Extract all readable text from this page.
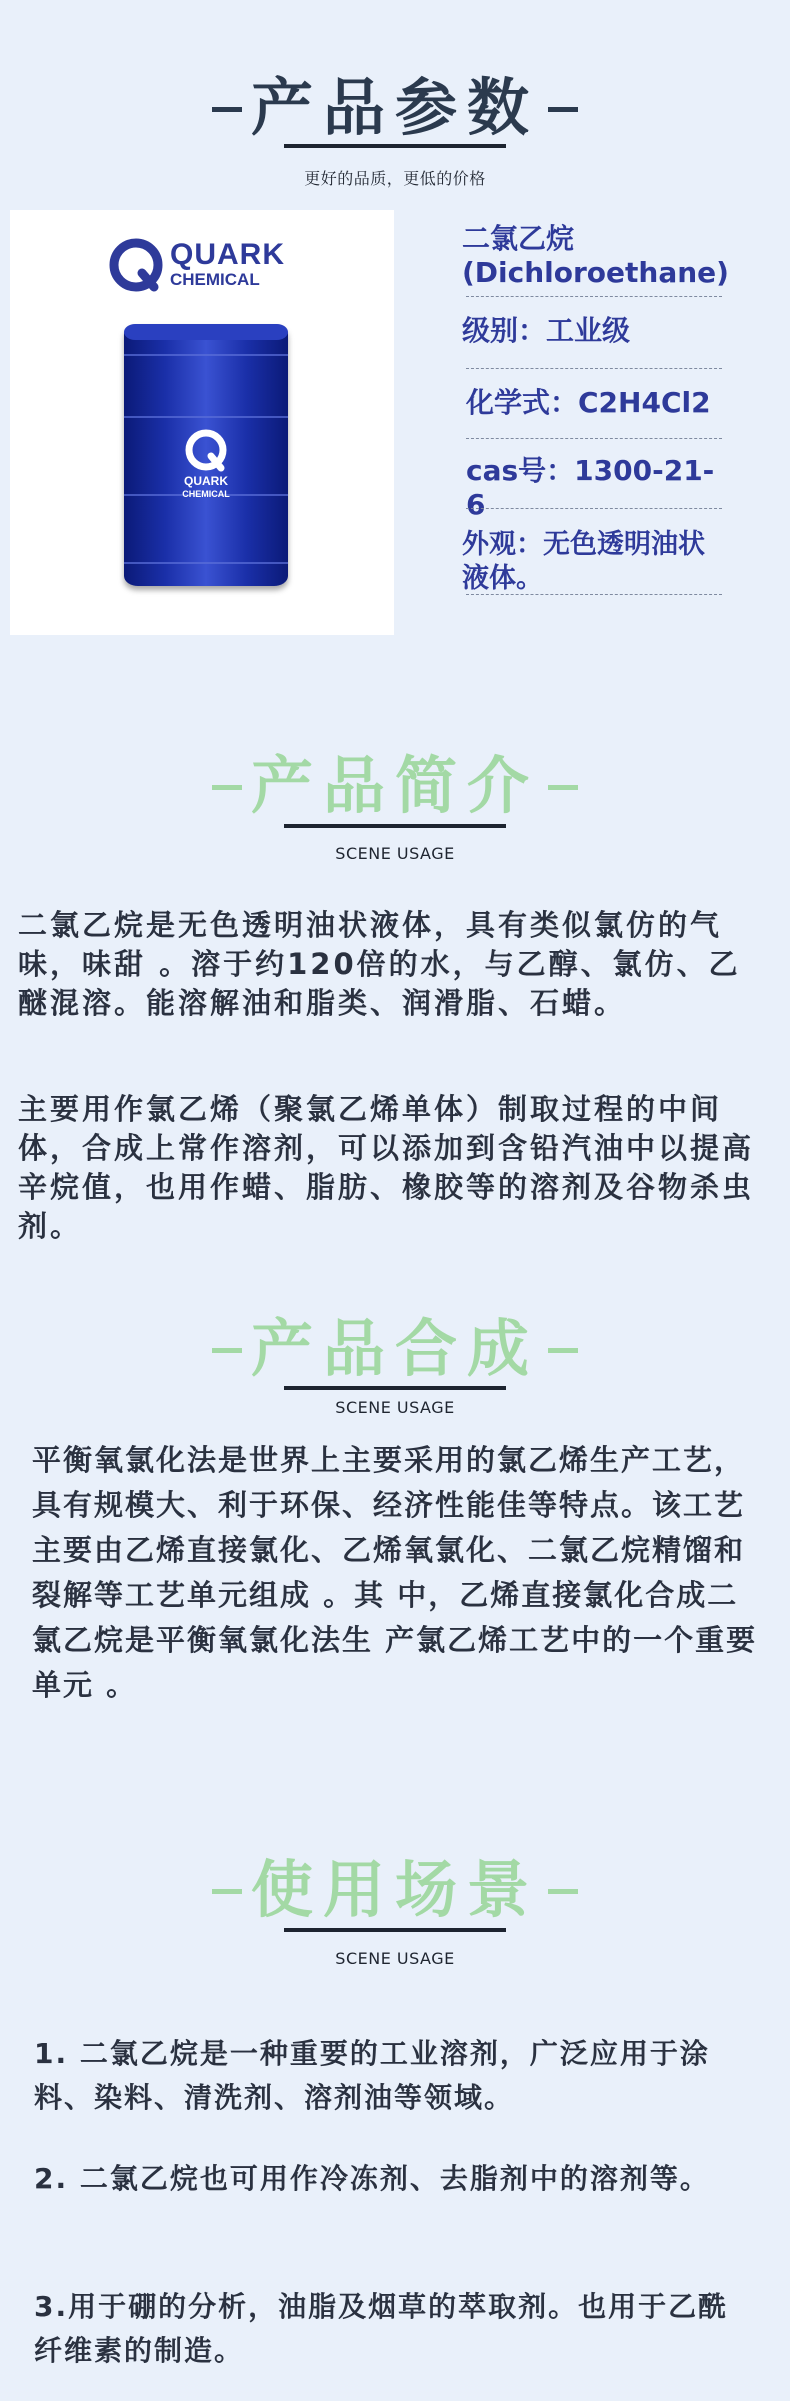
产品参数
更好的品质，更低的价格
QUARK
CHEMICAL
QUARK
CHEMICAL
二氯乙烷 (Dichloroethane)
级别：工业级
化学式：C2H4Cl2
cas号：1300-21-6
外观：无色透明油状液体。
产品简介
SCENE USAGE
二氯乙烷是无色透明油状液体，具有类似氯仿的气味，味甜 。溶于约120倍的水，与乙醇、氯仿、乙醚混溶。能溶解油和脂类、润滑脂、石蜡。
主要用作氯乙烯（聚氯乙烯单体）制取过程的中间体，合成上常作溶剂，可以添加到含铅汽油中以提高辛烷值，也用作蜡、脂肪、橡胶等的溶剂及谷物杀虫剂。
产品合成
SCENE USAGE
平衡氧氯化法是世界上主要采用的氯乙烯生产工艺，具有规模大、利于环保、经济性能佳等特点。该工艺主要由乙烯直接氯化、乙烯氧氯化、二氯乙烷精馏和裂解等工艺单元组成 。其 中，乙烯直接氯化合成二氯乙烷是平衡氧氯化法生 产氯乙烯工艺中的一个重要单元 。
使用场景
SCENE USAGE
1. 二氯乙烷是一种重要的工业溶剂，广泛应用于涂料、染料、清洗剂、溶剂油等领域。
2. 二氯乙烷也可用作冷冻剂、去脂剂中的溶剂等。
3.用于硼的分析，油脂及烟草的萃取剂。也用于乙酰纤维素的制造。
